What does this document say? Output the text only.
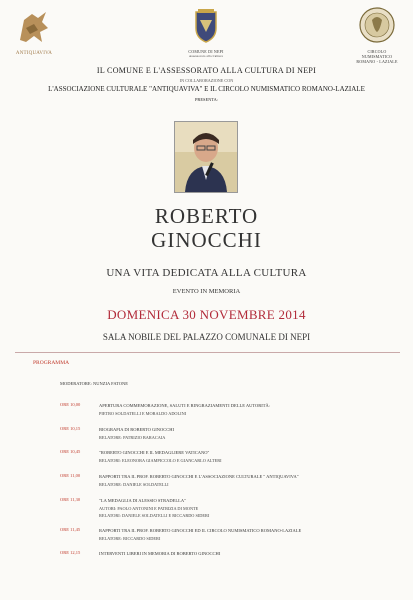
ANTIQUAVIVA	COMUNE DI NEPI
Assessorato alla Cultura
CIRCOLO NUMISMATICO
ROMANO - LAZIALE
IL COMUNE E L'ASSESSORATO ALLA CULTURA DI NEPI
IN COLLABORAZIONE CON
L'ASSOCIAZIONE CULTURALE "ANTIQUAVIVA" E IL CIRCOLO NUMISMATICO ROMANO-LAZIALE
PRESENTA:
ROBERTO
GINOCCHI
UNA VITA DEDICATA ALLA CULTURA
EVENTO IN MEMORIA
DOMENICA 30 NOVEMBRE 2014
SALA NOBILE DEL PALAZZO COMUNALE DI NEPI
PROGRAMMA
MODERATORE: NUNZIA FATONE
ORE 10,00	APERTURA COMMEMORAZIONE, SALUTI E RINGRAZIAMENTI DELLE AUTORITÀ:
PIETRO SOLDATELLI E MORALDO ADOLINI
ORE 10,15	BIOGRAFIA DI ROBERTO GINOCCHI
RELATORE: PATRIZIO BARACAIA
ORE 10,45	"ROBERTO GINOCCHI E IL MEDAGLIERE VATICANO"
RELATORI: ELEONORA GIAMPICCOLO E GIANCARLO ALTERI
ORE 11,00	RAPPORTI TRA IL PROF. ROBERTO GINOCCHI E L'ASSOCIAZIONE CULTURALE " ANTIQUAVIVA"
RELATORE: DANIELE SOLDATELLI
ORE 11,30	"LA MEDAGLIA DI ALESSIO STRADELLA"
AUTORI: PAOLO ANTONINI E PATRIZIA DI MONTE
RELATORI: DANIELE SOLDATELLI E RICCARDO SIDERI
ORE 11,45	RAPPORTI TRA IL PROF. ROBERTO GINOCCHI ED IL CIRCOLO NUMISMATICO ROMANO-LAZIALE
RELATORE: RICCARDO SIDERI
ORE 12,15	INTERVENTI LIBERI IN MEMORIA DI ROBERTO GINOCCHI
